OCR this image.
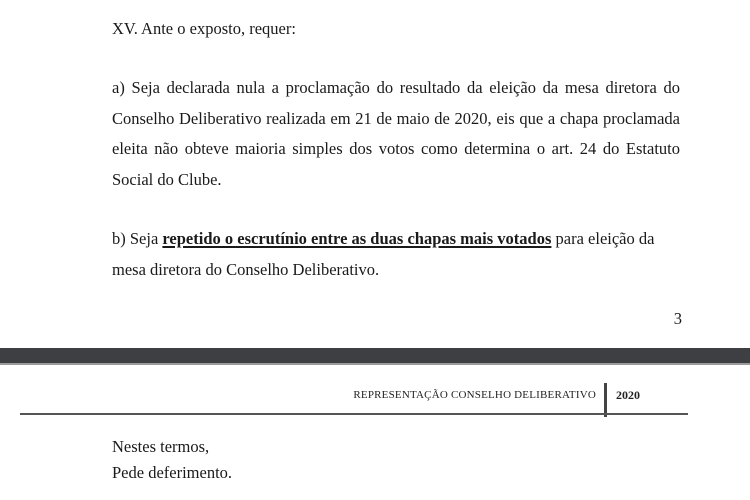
XV. Ante o exposto, requer:

a) Seja declarada nula a proclamação do resultado da eleição da mesa diretora do Conselho Deliberativo realizada em 21 de maio de 2020, eis que a chapa proclamada eleita não obteve maioria simples dos votos como determina o art. 24 do Estatuto Social do Clube.

b) Seja repetido o escrutínio entre as duas chapas mais votados para eleição da mesa diretora do Conselho Deliberativo.

3
REPRESENTAÇÃO CONSELHO DELIBERATIVO 2020
Nestes termos,
Pede deferimento.
